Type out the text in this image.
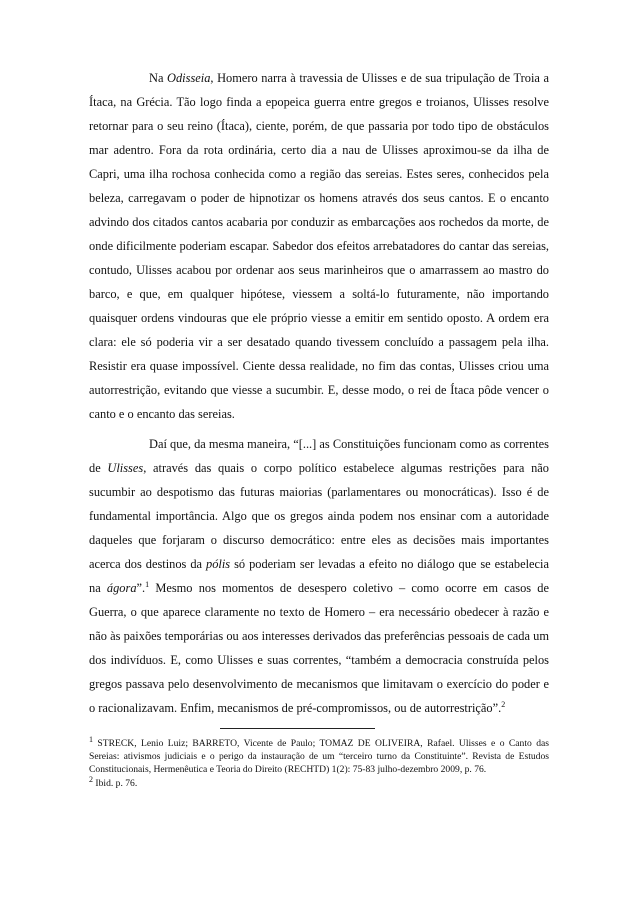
Na Odisseia, Homero narra à travessia de Ulisses e de sua tripulação de Troia a Ítaca, na Grécia. Tão logo finda a epopeica guerra entre gregos e troianos, Ulisses resolve retornar para o seu reino (Ítaca), ciente, porém, de que passaria por todo tipo de obstáculos mar adentro. Fora da rota ordinária, certo dia a nau de Ulisses aproximou-se da ilha de Capri, uma ilha rochosa conhecida como a região das sereias. Estes seres, conhecidos pela beleza, carregavam o poder de hipnotizar os homens através dos seus cantos. E o encanto advindo dos citados cantos acabaria por conduzir as embarcações aos rochedos da morte, de onde dificilmente poderiam escapar. Sabedor dos efeitos arrebatadores do cantar das sereias, contudo, Ulisses acabou por ordenar aos seus marinheiros que o amarrassem ao mastro do barco, e que, em qualquer hipótese, viessem a soltá-lo futuramente, não importando quaisquer ordens vindouras que ele próprio viesse a emitir em sentido oposto. A ordem era clara: ele só poderia vir a ser desatado quando tivessem concluído a passagem pela ilha. Resistir era quase impossível. Ciente dessa realidade, no fim das contas, Ulisses criou uma autorrestrição, evitando que viesse a sucumbir. E, desse modo, o rei de Ítaca pôde vencer o canto e o encanto das sereias.

Daí que, da mesma maneira, “[...] as Constituições funcionam como as correntes de Ulisses, através das quais o corpo político estabelece algumas restrições para não sucumbir ao despotismo das futuras maiorias (parlamentares ou monocráticas). Isso é de fundamental importância. Algo que os gregos ainda podem nos ensinar com a autoridade daqueles que forjaram o discurso democrático: entre eles as decisões mais importantes acerca dos destinos da pólis só poderiam ser levadas a efeito no diálogo que se estabelecia na ágora”.$^1$ Mesmo nos momentos de desespero coletivo – como ocorre em casos de Guerra, o que aparece claramente no texto de Homero – era necessário obedecer à razão e não às paixões temporárias ou aos interesses derivados das preferências pessoais de cada um dos indivíduos. E, como Ulisses e suas correntes, “também a democracia construída pelos gregos passava pelo desenvolvimento de mecanismos que limitavam o exercício do poder e o racionalizavam. Enfim, mecanismos de pré-compromissos, ou de autorrestrição”.$^2$

$^1$ STRECK, Lenio Luiz; BARRETO, Vicente de Paulo; TOMAZ DE OLIVEIRA, Rafael. Ulisses e o Canto das Sereias: ativismos judiciais e o perigo da instauração de um “terceiro turno da Constituinte”. Revista de Estudos Constitucionais, Hermenêutica e Teoria do Direito (RECHTD) 1(2): 75-83 julho-dezembro 2009, p. 76.

$^2$ Ibid. p. 76.
